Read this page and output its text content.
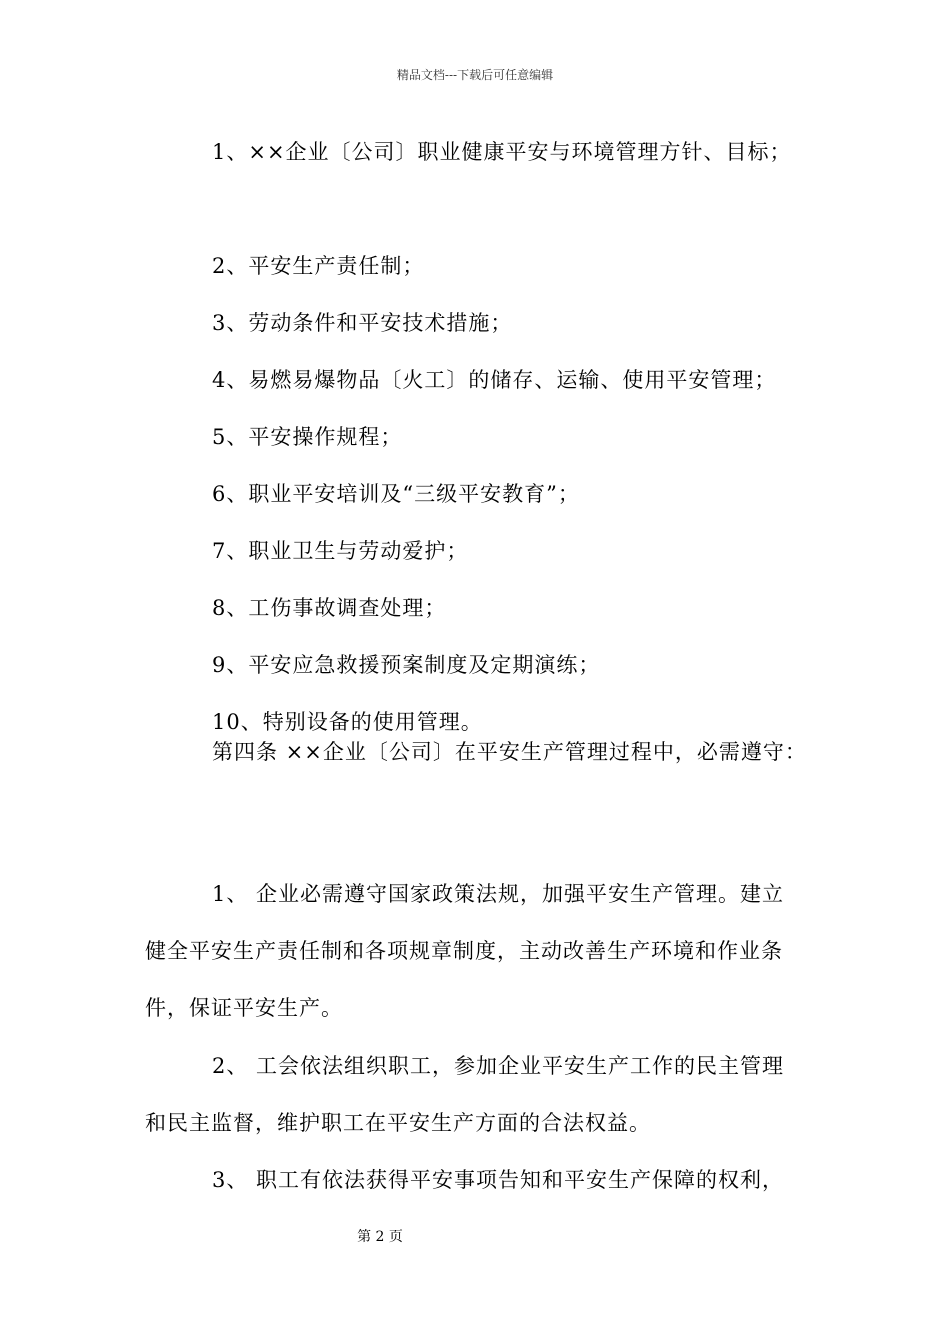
精品文档---下载后可任意编辑
1、××企业〔公司〕职业健康平安与环境管理方针、目标；
2、平安生产责任制；
3、劳动条件和平安技术措施；
4、易燃易爆物品〔火工〕的储存、运输、使用平安管理；
5、平安操作规程；
6、职业平安培训及“三级平安教育”；
7、职业卫生与劳动爱护；
8、工伤事故调查处理；
9、平安应急救援预案制度及定期演练；
10、特别设备的使用管理。
第四条 ××企业〔公司〕在平安生产管理过程中，必需遵守：
1、 企业必需遵守国家政策法规，加强平安生产管理。建立
健全平安生产责任制和各项规章制度，主动改善生产环境和作业条
件，保证平安生产。
2、 工会依法组织职工，参加企业平安生产工作的民主管理
和民主监督，维护职工在平安生产方面的合法权益。
3、 职工有依法获得平安事项告知和平安生产保障的权利，
第 2 页
